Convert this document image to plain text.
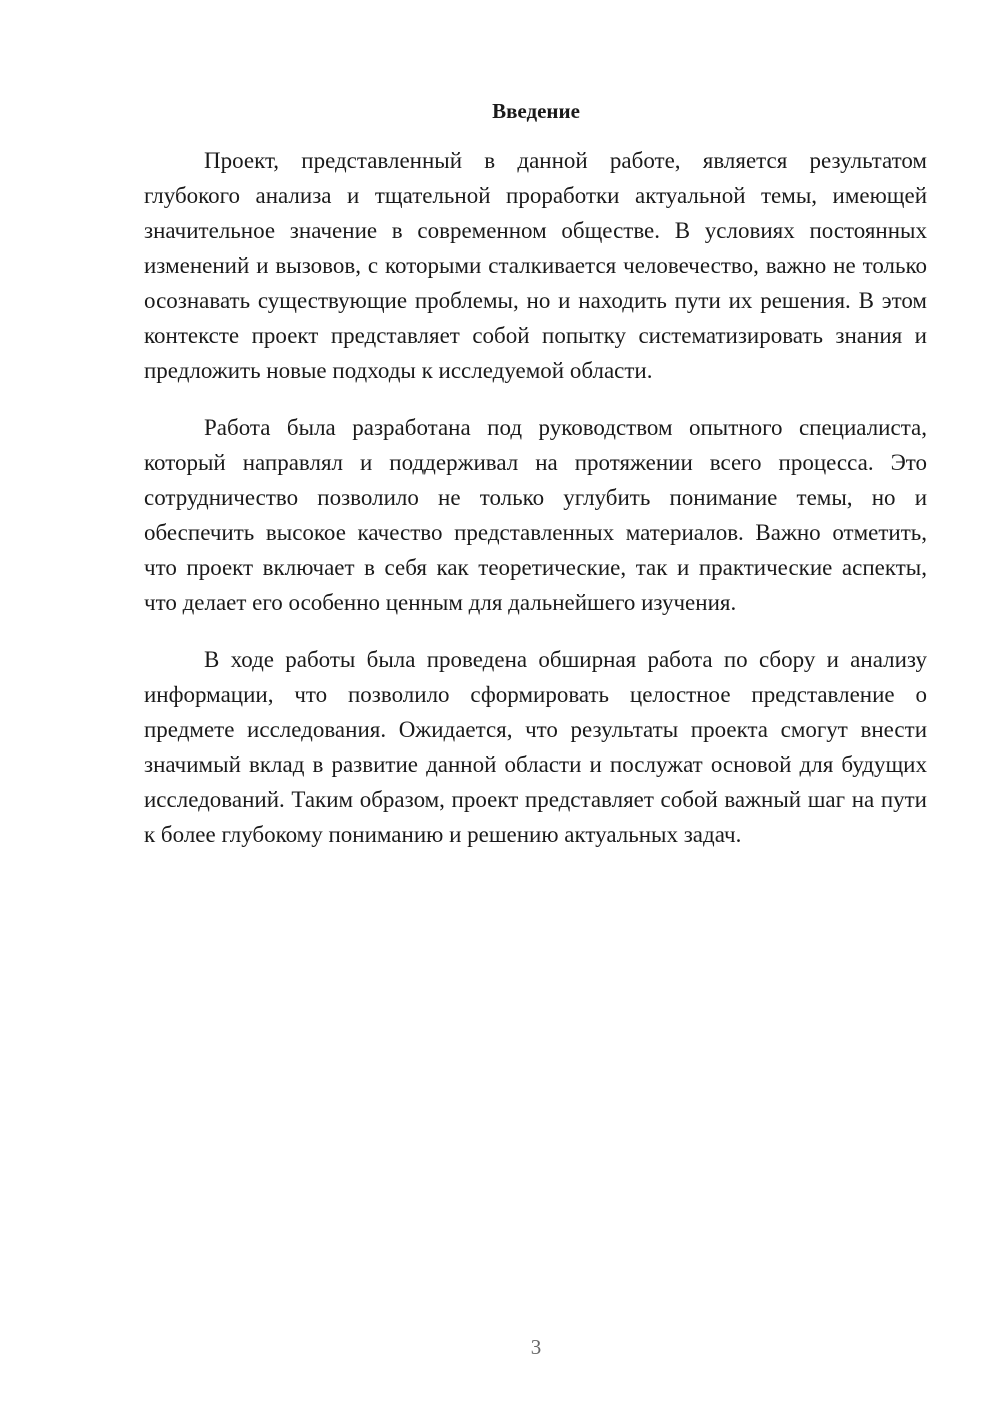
Введение

Проект, представленный в данной работе, является результатом глубокого анализа и тщательной проработки актуальной темы, имеющей значительное значение в современном обществе. В условиях постоянных изменений и вызовов, с которыми сталкивается человечество, важно не только осознавать существующие проблемы, но и находить пути их решения. В этом контексте проект представляет собой попытку систематизировать знания и предложить новые подходы к исследуемой области.

Работа была разработана под руководством опытного специалиста, который направлял и поддерживал на протяжении всего процесса. Это сотрудничество позволило не только углубить понимание темы, но и обеспечить высокое качество представленных материалов. Важно отметить, что проект включает в себя как теоретические, так и практические аспекты, что делает его особенно ценным для дальнейшего изучения.

В ходе работы была проведена обширная работа по сбору и анализу информации, что позволило сформировать целостное представление о предмете исследования. Ожидается, что результаты проекта смогут внести значимый вклад в развитие данной области и послужат основой для будущих исследований. Таким образом, проект представляет собой важный шаг на пути к более глубокому пониманию и решению актуальных задач.

3
